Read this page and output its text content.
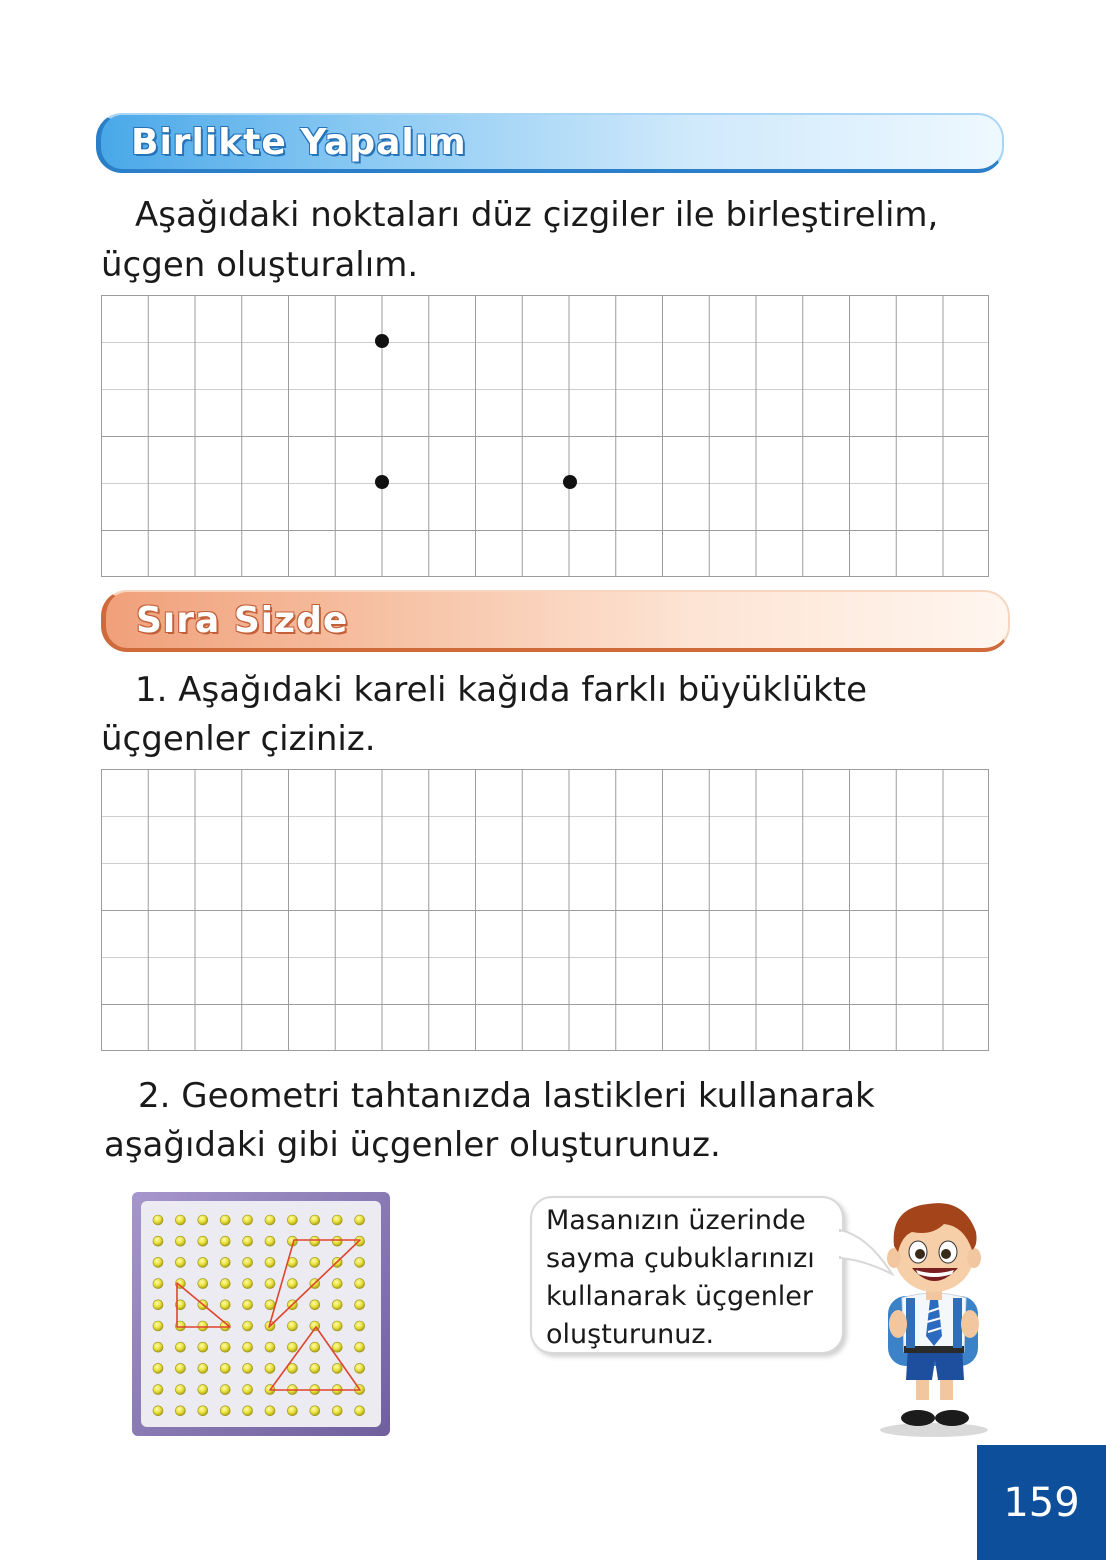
Birlikte Yapalım

Aşağıdaki noktaları düz çizgiler ile birleştirelim,

üçgen oluşturalım.

Sıra Sizde

1. Aşağıdaki kareli kağıda farklı büyüklükte

üçgenler çiziniz.

2. Geometri tahtanızda lastikleri kullanarak

aşağıdaki gibi üçgenler oluşturunuz.

Masanızın üzerinde
sayma çubuklarınızı
kullanarak üçgenler
oluşturunuz.
159
